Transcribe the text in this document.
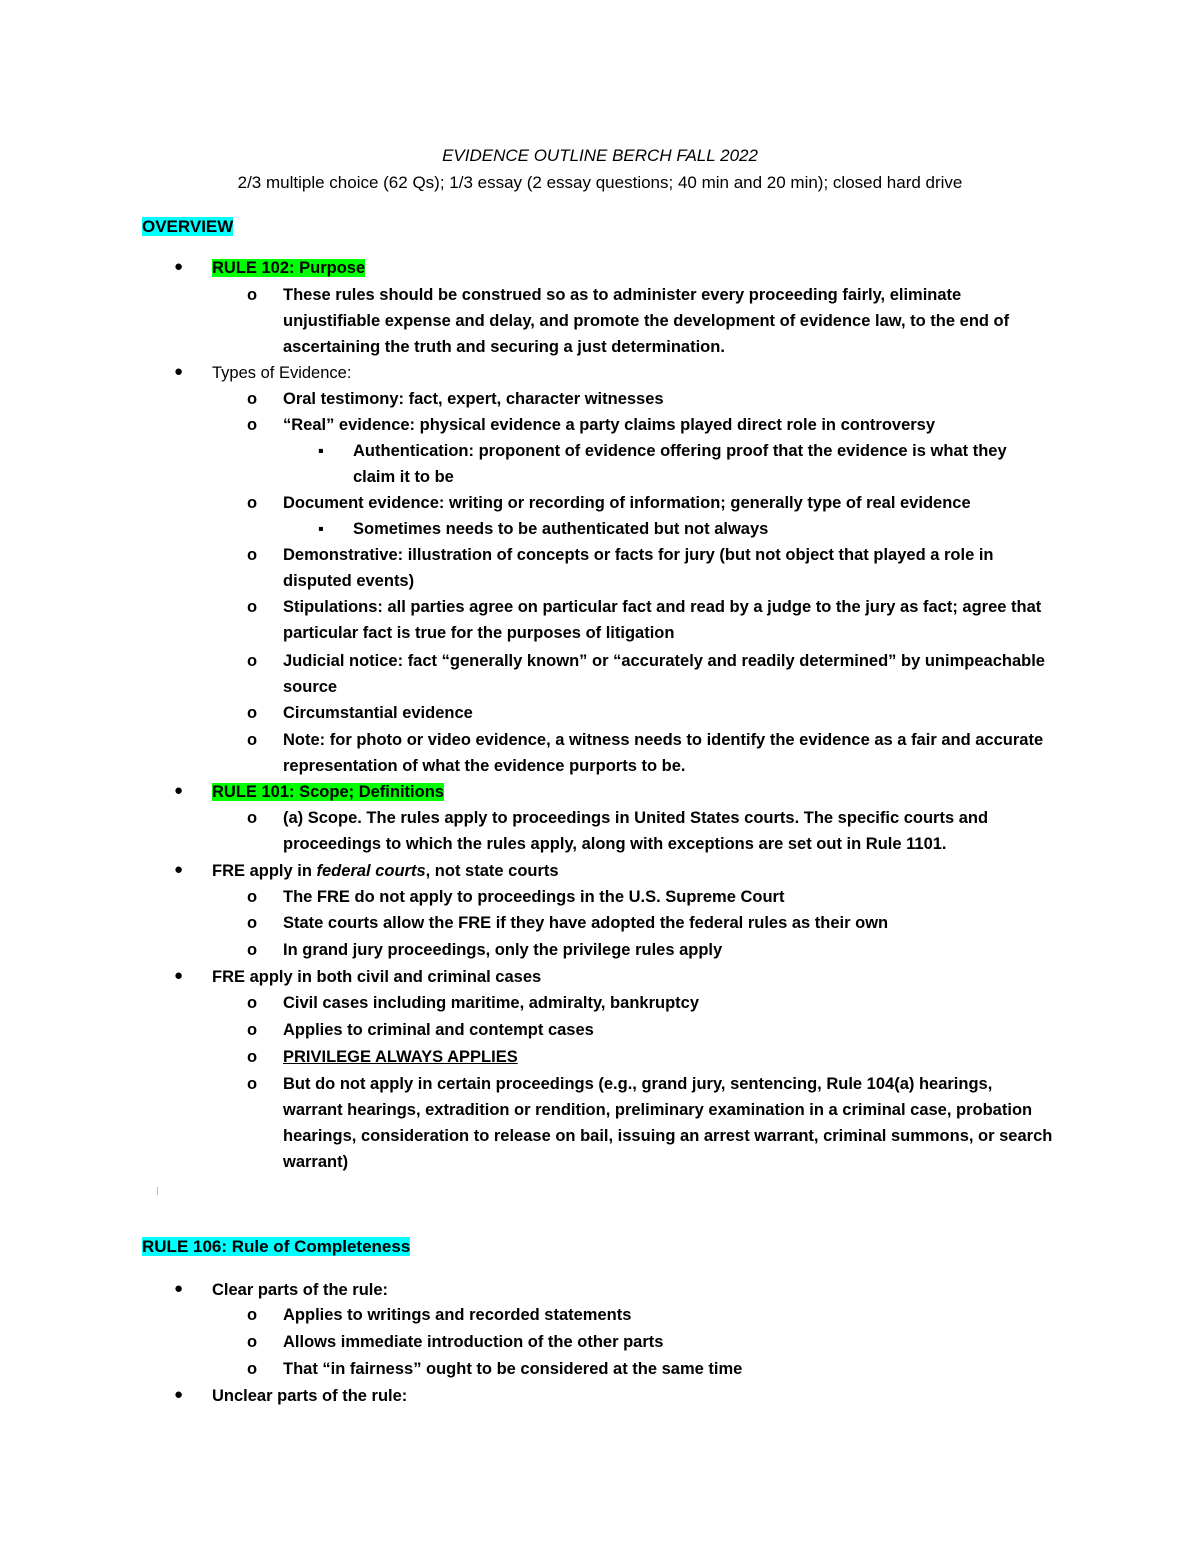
EVIDENCE OUTLINE BERCH FALL 2022
2/3 multiple choice (62 Qs); 1/3 essay (2 essay questions; 40 min and 20 min); closed hard drive
OVERVIEW
● RULE 102: Purpose
o These rules should be construed so as to administer every proceeding fairly, eliminate
unjustifiable expense and delay, and promote the development of evidence law, to the end of
ascertaining the truth and securing a just determination.
● Types of Evidence:
o Oral testimony: fact, expert, character witnesses
o “Real” evidence: physical evidence a party claims played direct role in controversy
▪ Authentication: proponent of evidence offering proof that the evidence is what they
claim it to be
o Document evidence: writing or recording of information; generally type of real evidence
▪ Sometimes needs to be authenticated but not always
o Demonstrative: illustration of concepts or facts for jury (but not object that played a role in
disputed events)
o Stipulations: all parties agree on particular fact and read by a judge to the jury as fact; agree that
particular fact is true for the purposes of litigation
o Judicial notice: fact “generally known” or “accurately and readily determined” by unimpeachable
source
o Circumstantial evidence
o Note: for photo or video evidence, a witness needs to identify the evidence as a fair and accurate
representation of what the evidence purports to be.
● RULE 101: Scope; Definitions
o (a) Scope. The rules apply to proceedings in United States courts. The specific courts and
proceedings to which the rules apply, along with exceptions are set out in Rule 1101.
● FRE apply in federal courts, not state courts
o The FRE do not apply to proceedings in the U.S. Supreme Court
o State courts allow the FRE if they have adopted the federal rules as their own
o In grand jury proceedings, only the privilege rules apply
● FRE apply in both civil and criminal cases
o Civil cases including maritime, admiralty, bankruptcy
o Applies to criminal and contempt cases
o PRIVILEGE ALWAYS APPLIES
o But do not apply in certain proceedings (e.g., grand jury, sentencing, Rule 104(a) hearings,
warrant hearings, extradition or rendition, preliminary examination in a criminal case, probation
hearings, consideration to release on bail, issuing an arrest warrant, criminal summons, or search
warrant)
RULE 106: Rule of Completeness
● Clear parts of the rule:
o Applies to writings and recorded statements
o Allows immediate introduction of the other parts
o That “in fairness” ought to be considered at the same time
● Unclear parts of the rule:
